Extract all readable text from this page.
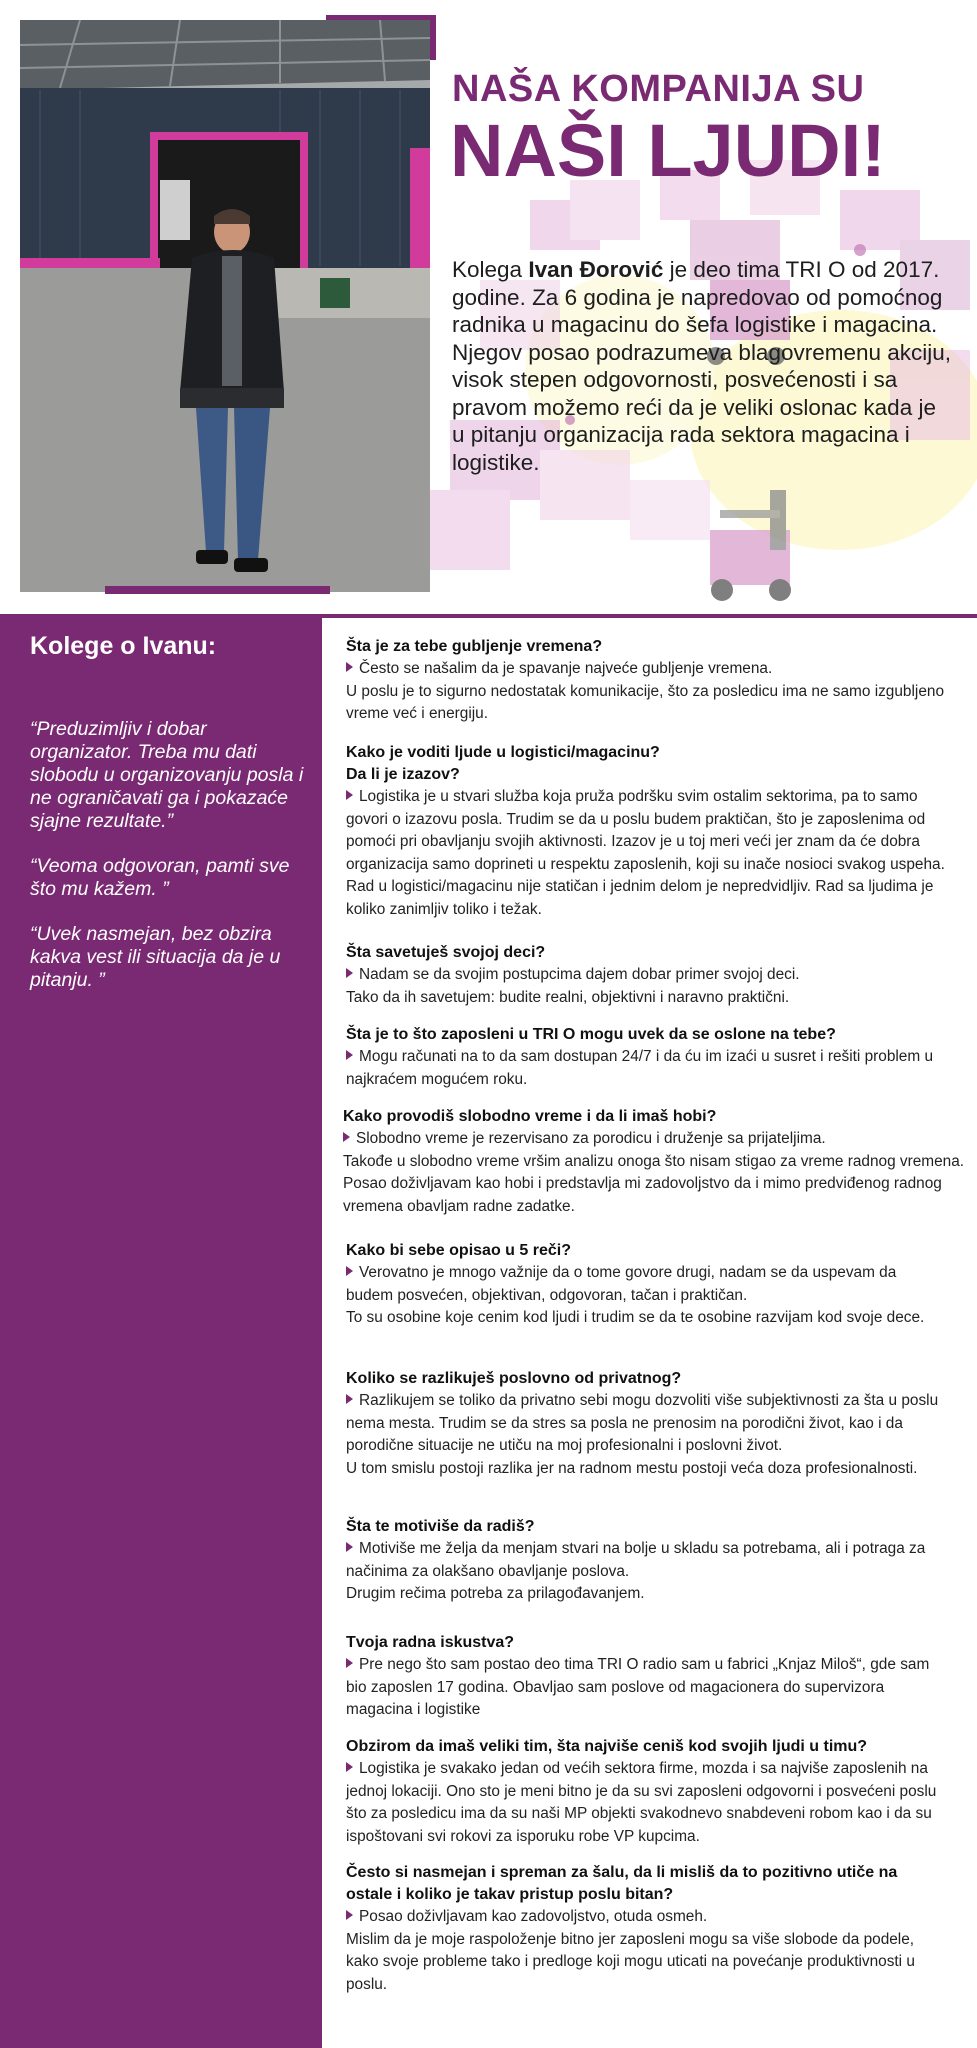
NAŠA KOMPANIJA SU
NAŠI LJUDI!

Kolega Ivan Đorović je deo tima TRI O od 2017. godine. Za 6 godina je napredovao od pomoćnog radnika u magacinu do šefa logistike i magacina. Njegov posao podrazumeva blagovremenu akciju, visok stepen odgovornosti, posvećenosti i sa pravom možemo reći da je veliki oslonac kada je u pitanju organizacija rada sektora magacina i logistike.

Kolege o Ivanu:

“Preduzimljiv i dobar organizator. Treba mu dati slobodu u organizovanju posla i ne ograničavati ga i pokazaće sjajne rezultate.”

“Veoma odgovoran, pamti sve što mu kažem. ”

“Uvek nasmejan, bez obzira kakva vest ili situacija da je u pitanju. ”

Šta je za tebe gubljenje vremena?

Često se našalim da je spavanje najveće gubljenje vremena.

U poslu je to sigurno nedostatak komunikacije, što za posledicu ima ne samo izgubljeno vreme već i energiju.

Kako je voditi ljude u logistici/magacinu? Da li je izazov?

Logistika je u stvari služba koja pruža podršku svim ostalim sektorima, pa to samo govori o izazovu posla. Trudim se da u poslu budem praktičan, što je zaposlenima od pomoći pri obavljanju svojih aktivnosti. Izazov je u toj meri veći jer znam da će dobra organizacija samo doprineti u respektu zaposlenih, koji su inače nosioci svakog uspeha. Rad u logistici/magacinu nije statičan i jednim delom je nepredvidljiv. Rad sa ljudima je koliko zanimljiv toliko i težak.

Šta savetuješ svojoj deci?

Nadam se da svojim postupcima dajem dobar primer svojoj deci.

Tako da ih savetujem: budite realni, objektivni i naravno praktični.

Šta je to što zaposleni u TRI O mogu uvek da se oslone na tebe?

Mogu računati na to da sam dostupan 24/7 i da ću im izaći u susret i rešiti problem u najkraćem mogućem roku.

Kako provodiš slobodno vreme i da li imaš hobi?

Slobodno vreme je rezervisano za porodicu i druženje sa prijateljima.

Takođe u slobodno vreme vršim analizu onoga što nisam stigao za vreme radnog vremena. Posao doživljavam kao hobi i predstavlja mi zadovoljstvo da i mimo predviđenog radnog vremena obavljam radne zadatke.

Kako bi sebe opisao u 5 reči?

Verovatno je mnogo važnije da o tome govore drugi, nadam se da uspevam da budem posvećen, objektivan, odgovoran, tačan i praktičan.

To su osobine koje cenim kod ljudi i trudim se da te osobine razvijam kod svoje dece.

Koliko se razlikuješ poslovno od privatnog?

Razlikujem se toliko da privatno sebi mogu dozvoliti više subjektivnosti za šta u poslu nema mesta. Trudim se da stres sa posla ne prenosim na porodični život, kao i da porodične situacije ne utiču na moj profesionalni i poslovni život.

U tom smislu postoji razlika jer na radnom mestu postoji veća doza profesionalnosti.

Šta te motiviše da radiš?

Motiviše me želja da menjam stvari na bolje u skladu sa potrebama, ali i potraga za načinima za olakšano obavljanje poslova.

Drugim rečima potreba za prilagođavanjem.

Tvoja radna iskustva?

Pre nego što sam postao deo tima TRI O radio sam u fabrici „Knjaz Miloš“, gde sam bio zaposlen 17 godina. Obavljao sam poslove od magacionera do supervizora magacina i logistike

Obzirom da imaš veliki tim, šta najviše ceniš kod svojih ljudi u timu?

Logistika je svakako jedan od većih sektora firme, mozda i sa najviše zaposlenih na jednoj lokaciji. Ono sto je meni bitno je da su svi zaposleni odgovorni i posvećeni poslu što za posledicu ima da su naši MP objekti svakodnevo snabdeveni robom kao i da su ispoštovani svi rokovi za isporuku robe VP kupcima.

Često si nasmejan i spreman za šalu, da li misliš da to pozitivno utiče na ostale i koliko je takav pristup poslu bitan?

Posao doživljavam kao zadovoljstvo, otuda osmeh.

Mislim da je moje raspoloženje bitno jer zaposleni mogu sa više slobode da podele, kako svoje probleme tako i predloge koji mogu uticati na povećanje produktivnosti u poslu.
